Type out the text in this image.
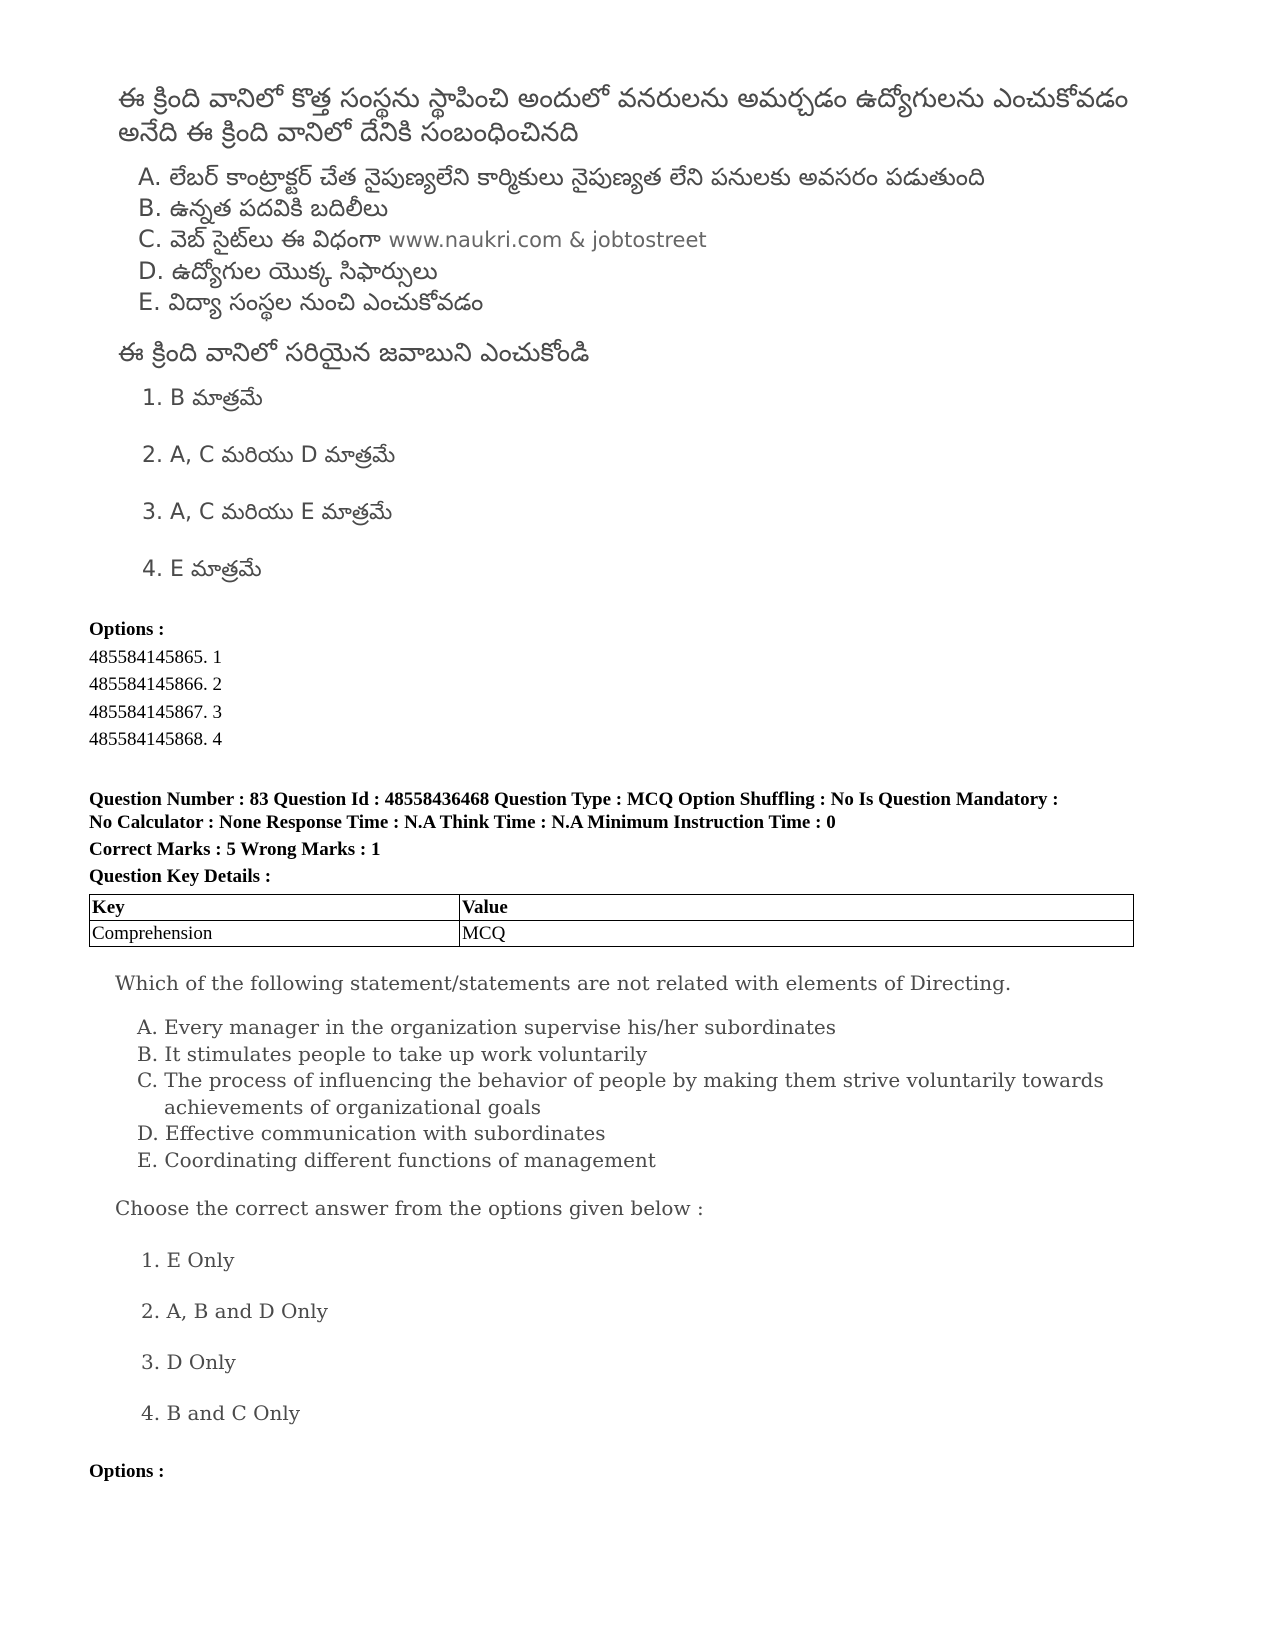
ఈ క్రింది వానిలో కొత్త సంస్థను స్థాపించి అందులో వనరులను అమర్చడం ఉద్యోగులను ఎంచుకోవడం
అనేది ఈ క్రింది వానిలో దేనికి సంబంధించినది
A. లేబర్ కాంట్రాక్టర్ చేత నైపుణ్యలేని కార్మికులు నైపుణ్యత లేని పనులకు అవసరం పడుతుంది
B. ఉన్నత పదవికి బదిలీలు
C. వెబ్ సైట్‌లు ఈ విధంగా www.naukri.com & jobtostreet
D. ఉద్యోగుల యొక్క సిఫార్సులు
E. విద్యా సంస్థల నుంచి ఎంచుకోవడం
ఈ క్రింది వానిలో సరియైన జవాబుని ఎంచుకోండి
1. B మాత్రమే
2. A, C మరియు D మాత్రమే
3. A, C మరియు E మాత్రమే
4. E మాత్రమే
Options :
485584145865. 1
485584145866. 2
485584145867. 3
485584145868. 4
Question Number : 83 Question Id : 48558436468 Question Type : MCQ Option Shuffling : No Is Question Mandatory :
No Calculator : None Response Time : N.A Think Time : N.A Minimum Instruction Time : 0
Correct Marks : 5 Wrong Marks : 1
Question Key Details :
Key	Value
Comprehension	MCQ
Which of the following statement/statements are not related with elements of Directing.
A. Every manager in the organization supervise his/her subordinates
B. It stimulates people to take up work voluntarily
C. The process of influencing the behavior of people by making them strive voluntarily towards
achievements of organizational goals
D. Effective communication with subordinates
E. Coordinating different functions of management
Choose the correct answer from the options given below :
1. E Only
2. A, B and D Only
3. D Only
4. B and C Only
Options :
